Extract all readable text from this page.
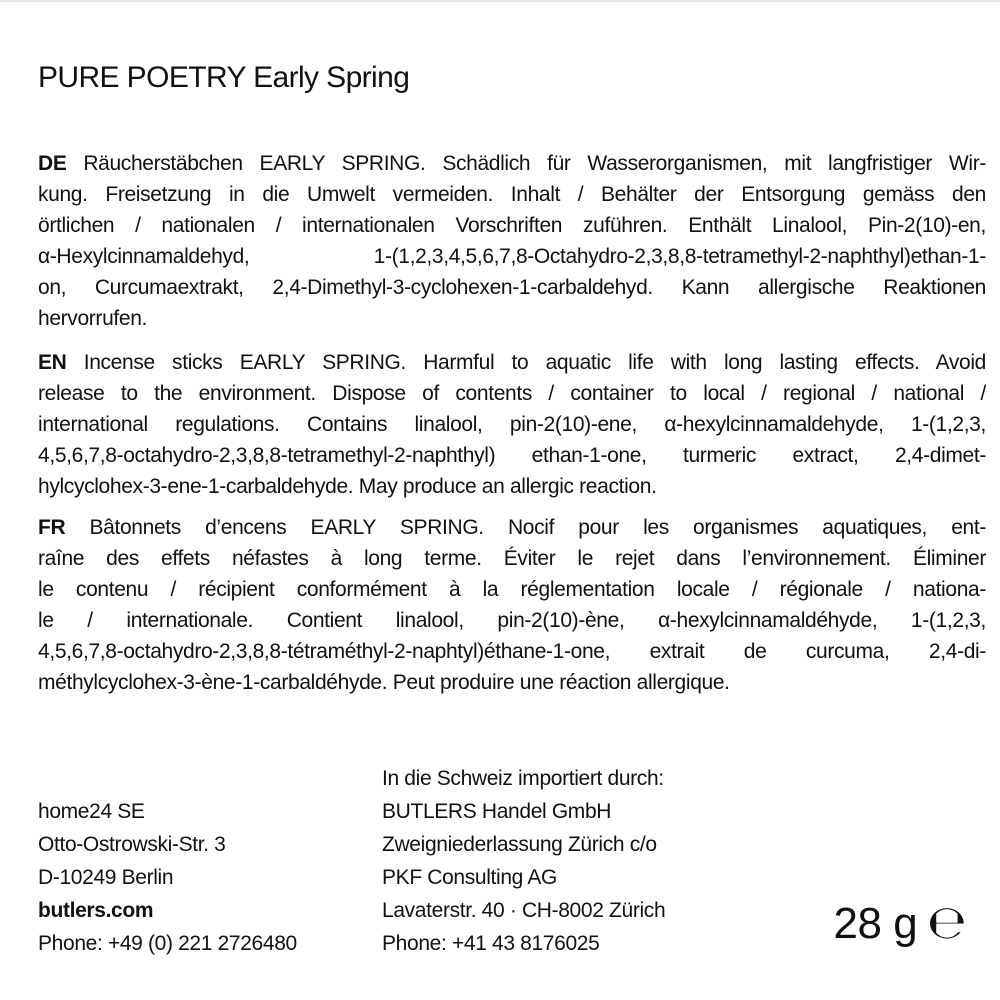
PURE POETRY Early Spring
DE Räucherstäbchen EARLY SPRING. Schädlich für Wasserorganismen, mit langfristiger Wir-
kung. Freisetzung in die Umwelt vermeiden. Inhalt / Behälter der Entsorgung gemäss den
örtlichen / nationalen / internationalen Vorschriften zuführen. Enthält Linalool, Pin-2(10)-en,
α-Hexylcinnamaldehyd, 1-(1,2,3,4,5,6,7,8-Octahydro-2,3,8,8-tetramethyl-2-naphthyl)ethan-1-
on, Curcumaextrakt, 2,4-Dimethyl-3-cyclohexen-1-carbaldehyd. Kann allergische Reaktionen
hervorrufen.
EN Incense sticks EARLY SPRING. Harmful to aquatic life with long lasting effects. Avoid
release to the environment. Dispose of contents / container to local / regional / national /
international regulations. Contains linalool, pin-2(10)-ene, α-hexylcinnamaldehyde, 1-(1,2,3,
4,5,6,7,8-octahydro-2,3,8,8-tetramethyl-2-naphthyl) ethan-1-one, turmeric extract, 2,4-dimet-
hylcyclohex-3-ene-1-carbaldehyde. May produce an allergic reaction.
FR Bâtonnets d’encens EARLY SPRING. Nocif pour les organismes aquatiques, ent-
raîne des effets néfastes à long terme. Éviter le rejet dans l’environnement. Éliminer
le contenu / récipient conformément à la réglementation locale / régionale / nationa-
le / internationale. Contient linalool, pin-2(10)-ène, α-hexylcinnamaldéhyde, 1-(1,2,3,
4,5,6,7,8-octahydro-2,3,8,8-tétraméthyl-2-naphtyl)éthane-1-one, extrait de curcuma, 2,4-di-
méthylcyclohex-3-ène-1-carbaldéhyde. Peut produire une réaction allergique.
home24 SE
Otto-Ostrowski-Str. 3
D-10249 Berlin
butlers.com
Phone: +49 (0) 221 2726480
In die Schweiz importiert durch:
BUTLERS Handel GmbH
Zweigniederlassung Zürich c/o
PKF Consulting AG
Lavaterstr. 40 · CH-8002 Zürich
Phone: +41 43 8176025	28 g ℮
